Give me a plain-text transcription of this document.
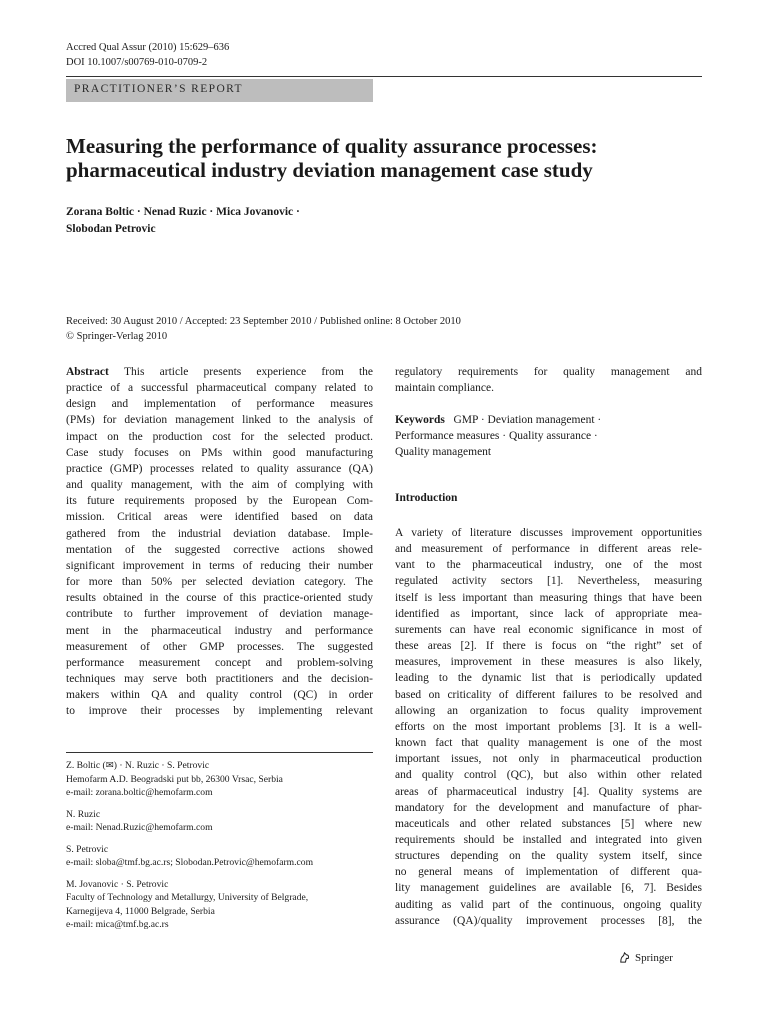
Accred Qual Assur (2010) 15:629–636
DOI 10.1007/s00769-010-0709-2
PRACTITIONER’S REPORT
Measuring the performance of quality assurance processes:
pharmaceutical industry deviation management case study
Zorana Boltic · Nenad Ruzic · Mica Jovanovic ·
Slobodan Petrovic
Received: 30 August 2010 / Accepted: 23 September 2010 / Published online: 8 October 2010
© Springer-Verlag 2010
Abstract This article presents experience from the
practice of a successful pharmaceutical company related to
design and implementation of performance measures
(PMs) for deviation management linked to the analysis of
impact on the production cost for the selected product.
Case study focuses on PMs within good manufacturing
practice (GMP) processes related to quality assurance (QA)
and quality management, with the aim of complying with
its future requirements proposed by the European Com-
mission. Critical areas were identified based on data
gathered from the industrial deviation database. Imple-
mentation of the suggested corrective actions showed
significant improvement in terms of reducing their number
for more than 50% per selected deviation category. The
results obtained in the course of this practice-oriented study
contribute to further improvement of deviation manage-
ment in the pharmaceutical industry and performance
measurement of other GMP processes. The suggested
performance measurement concept and problem-solving
techniques may serve both practitioners and the decision-
makers within QA and quality control (QC) in order
to improve their processes by implementing relevant
regulatory requirements for quality management and
maintain compliance.
Keywords GMP · Deviation management ·
Performance measures · Quality assurance ·
Quality management
Introduction
A variety of literature discusses improvement opportunities
and measurement of performance in different areas rele-
vant to the pharmaceutical industry, one of the most
regulated activity sectors [1]. Nevertheless, measuring
itself is less important than measuring things that have been
identified as important, since lack of appropriate mea-
surements can have real economic significance in most of
these areas [2]. If there is focus on “the right” set of
measures, improvement in these measures is also likely,
leading to the dynamic list that is periodically updated
based on criticality of different failures to be resolved and
allowing an organization to focus quality improvement
efforts on the most important problems [3]. It is a well-
known fact that quality management is one of the most
important issues, not only in pharmaceutical production
and quality control (QC), but also within other related
areas of pharmaceutical industry [4]. Quality systems are
mandatory for the development and manufacture of phar-
maceuticals and other related substances [5] where new
requirements should be installed and integrated into given
structures depending on the quality system itself, since
no general means of implementation of different qua-
lity management guidelines are available [6, 7]. Besides
auditing as valid part of the continuous, ongoing quality
assurance (QA)/quality improvement processes [8], the
Z. Boltic (✉) · N. Ruzic · S. Petrovic
Hemofarm A.D. Beogradski put bb, 26300 Vrsac, Serbia
e-mail: zorana.boltic@hemofarm.com
N. Ruzic
e-mail: Nenad.Ruzic@hemofarm.com
S. Petrovic
e-mail: sloba@tmf.bg.ac.rs; Slobodan.Petrovic@hemofarm.com
M. Jovanovic · S. Petrovic
Faculty of Technology and Metallurgy, University of Belgrade,
Karnegijeva 4, 11000 Belgrade, Serbia
e-mail: mica@tmf.bg.ac.rs
Springer
